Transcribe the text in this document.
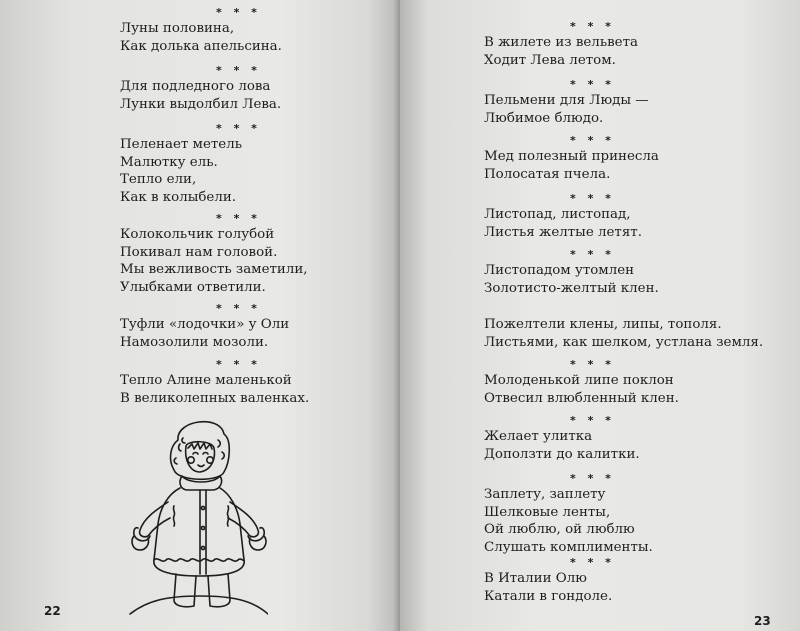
* * *
Луны половина,
Как долька апельсина.
* * *
Для подледного лова
Лунки выдолбил Лева.
* * *
Пеленает метель
Малютку ель.
Тепло ели,
Как в колыбели.
* * *
Колокольчик голубой
Покивал нам головой.
Мы вежливость заметили,
Улыбками ответили.
* * *
Туфли «лодочки» у Оли
Намозолили мозоли.
* * *
Тепло Алине маленькой
В великолепных валенках.
22
* * *
В жилете из вельвета
Ходит Лева летом.
* * *
Пельмени для Люды —
Любимое блюдо.
* * *
Мед полезный принесла
Полосатая пчела.
* * *
Листопад, листопад,
Листья желтые летят.
* * *
Листопадом утомлен
Золотисто-желтый клен.
Пожелтели клены, липы, тополя.
Листьями, как шелком, устлана земля.
* * *
Молоденькой липе поклон
Отвесил влюбленный клен.
* * *
Желает улитка
Доползти до калитки.
* * *
Заплету, заплету
Шелковые ленты,
Ой люблю, ой люблю
Слушать комплименты.
* * *
В Италии Олю
Катали в гондоле.
23
